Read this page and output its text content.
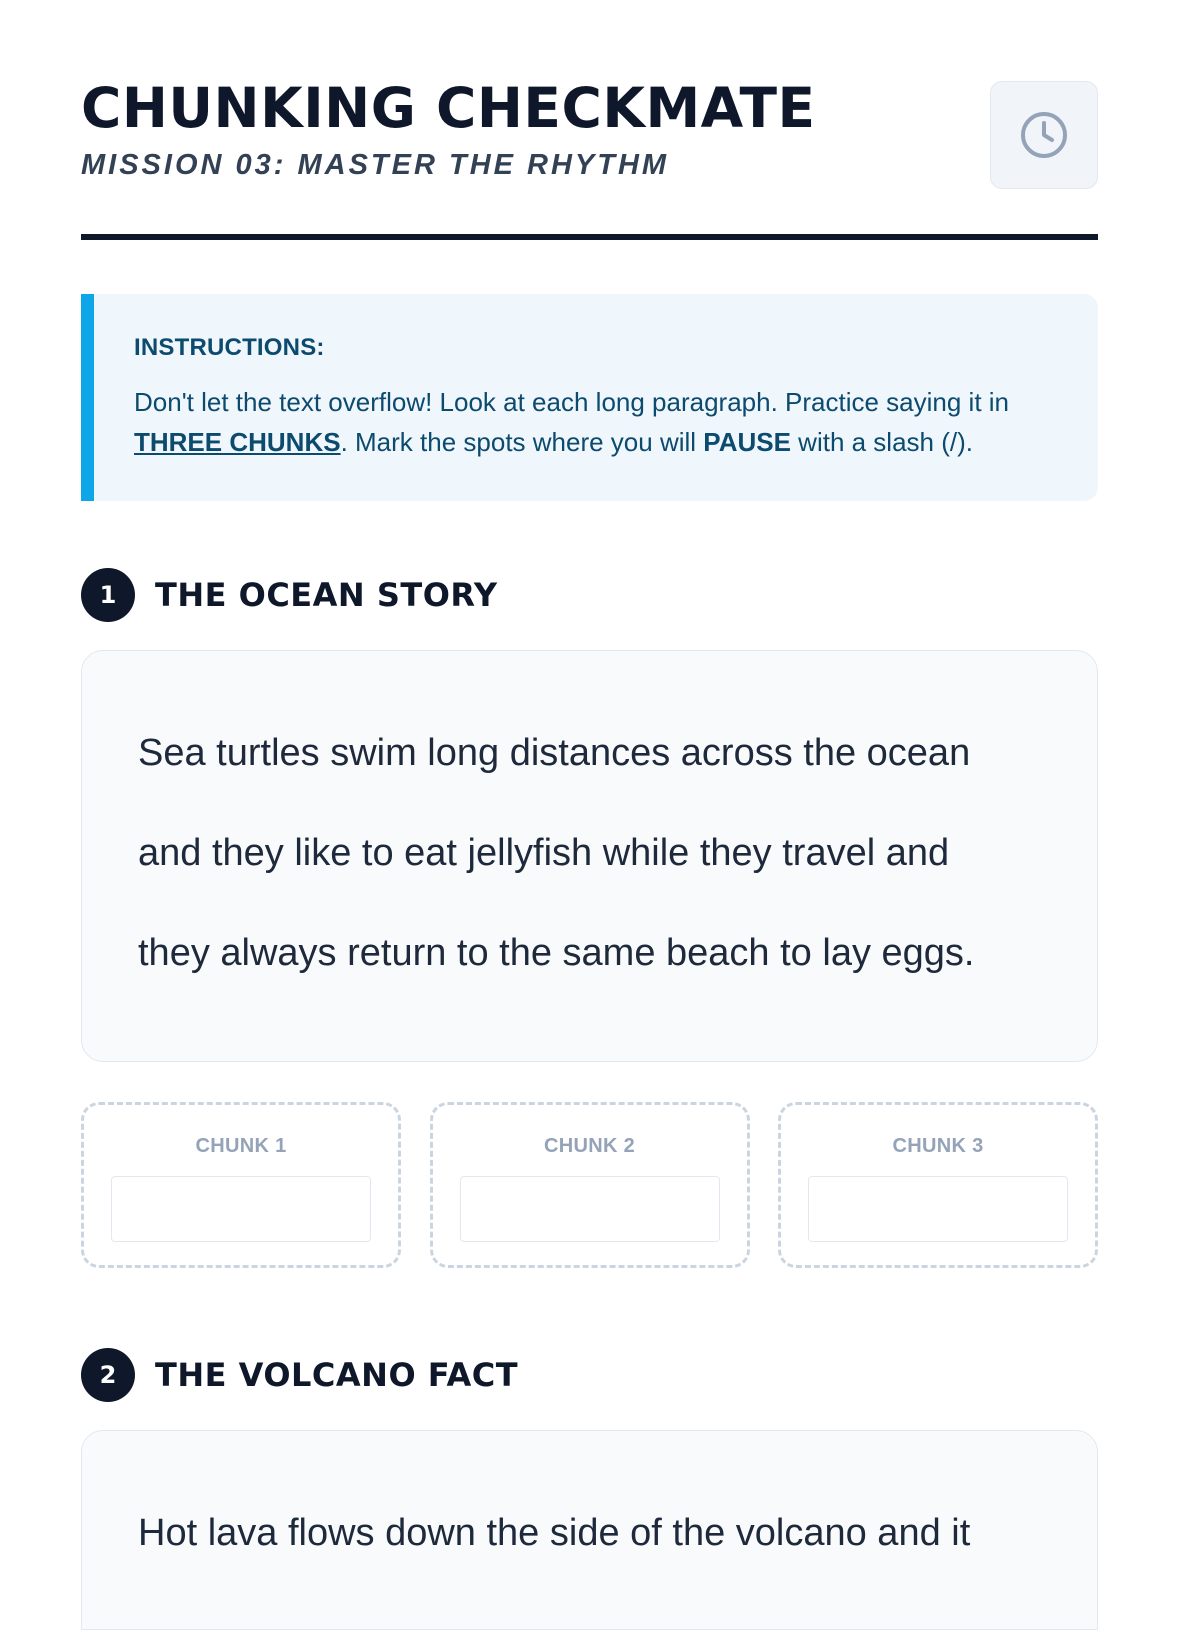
CHUNKING CHECKMATE
MISSION 03: MASTER THE RHYTHM
INSTRUCTIONS:
Don't let the text overflow! Look at each long paragraph. Practice saying it in THREE CHUNKS. Mark the spots where you will PAUSE with a slash (/).
1	THE OCEAN STORY

Sea turtles swim long distances across the ocean

and they like to eat jellyfish while they travel and

they always return to the same beach to lay eggs.

CHUNK 1	CHUNK 2	CHUNK 3
2	THE VOLCANO FACT

Hot lava flows down the side of the volcano and it
